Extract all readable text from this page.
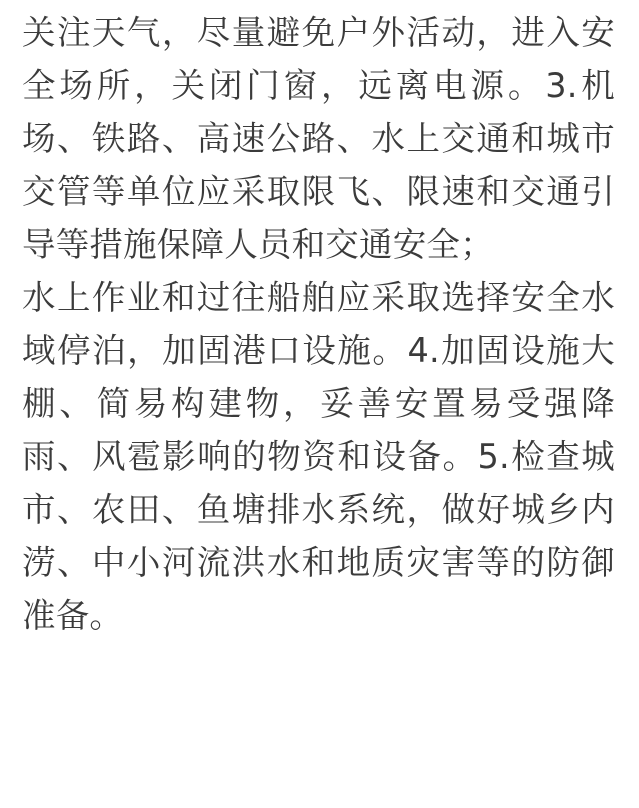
关注天气，尽量避免户外活动，进入安全场所，关闭门窗，远离电源。3.机场、铁路、高速公路、水上交通和城市交管等单位应采取限飞、限速和交通引导等措施保障人员和交通安全；

水上作业和过往船舶应采取选择安全水域停泊，加固港口设施。4.加固设施大棚、简易构建物，妥善安置易受强降雨、风雹影响的物资和设备。5.检查城市、农田、鱼塘排水系统，做好城乡内涝、中小河流洪水和地质灾害等的防御准备。
